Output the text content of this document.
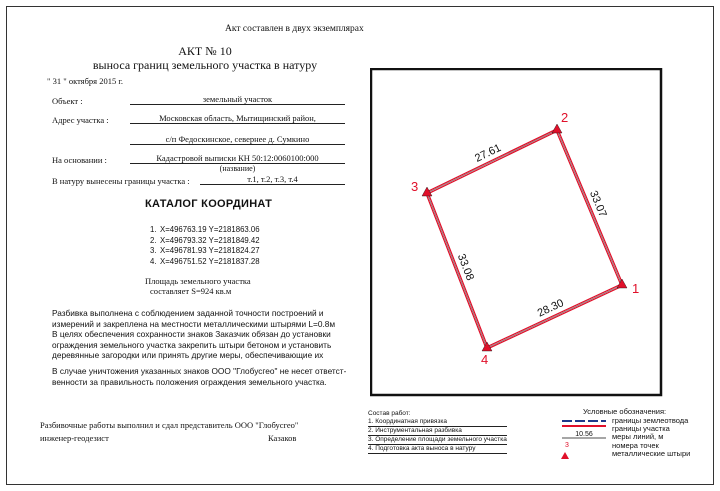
Акт составлен в двух экземплярах
АКТ № 10
выноса границ земельного участка в натуру
" 31 " октября 2015 г.
Объект :	земельный участок
Адрес участка :	Московская область, Мытищинский район,
с/п Федоскинское, севернее д. Сумкино
На основании :	Кадастровой выписки КН 50:12:0060100:000
(название)
В натуру вынесены границы участка :	т.1, т.2, т.3, т.4
КАТАЛОГ КООРДИНАТ
1. X=496763.19 Y=2181863.06
2. X=496793.32 Y=2181849.42
3. X=496781.93 Y=2181824.27
4. X=496751.52 Y=2181837.28
Площадь земельного участка
составляет S=924 кв.м
Разбивка выполнена с соблюдением заданной точности построений и
измерений и закреплена на местности металлическими штырями L=0.8м
В целях обеспечения сохранности знаков Заказчик обязан до установки
ограждения земельного участка закрепить штыри бетоном и установить
деревянные загородки или принять другие меры, обеспечивающие их
В случае уничтожения указанных знаков ООО "Глобусгео" не несет ответст-
венности за правильность положения ограждения земельного участка.
Разбивочные работы выполнил и сдал представитель ООО "Глобусгео"
инженер-геодезист	Казаков
1
2
3
4
27.61
33.07
28.30
33.08
Состав работ:
1. Координатная привязка
2. Инструментальная разбивка
3. Определение площади земельного участка
4. Подготовка акта выноса в натуру
Условные обозначения:
10.56
3
границы землеотвода
границы участка
меры линий, м
номера точек
металлические штыри
